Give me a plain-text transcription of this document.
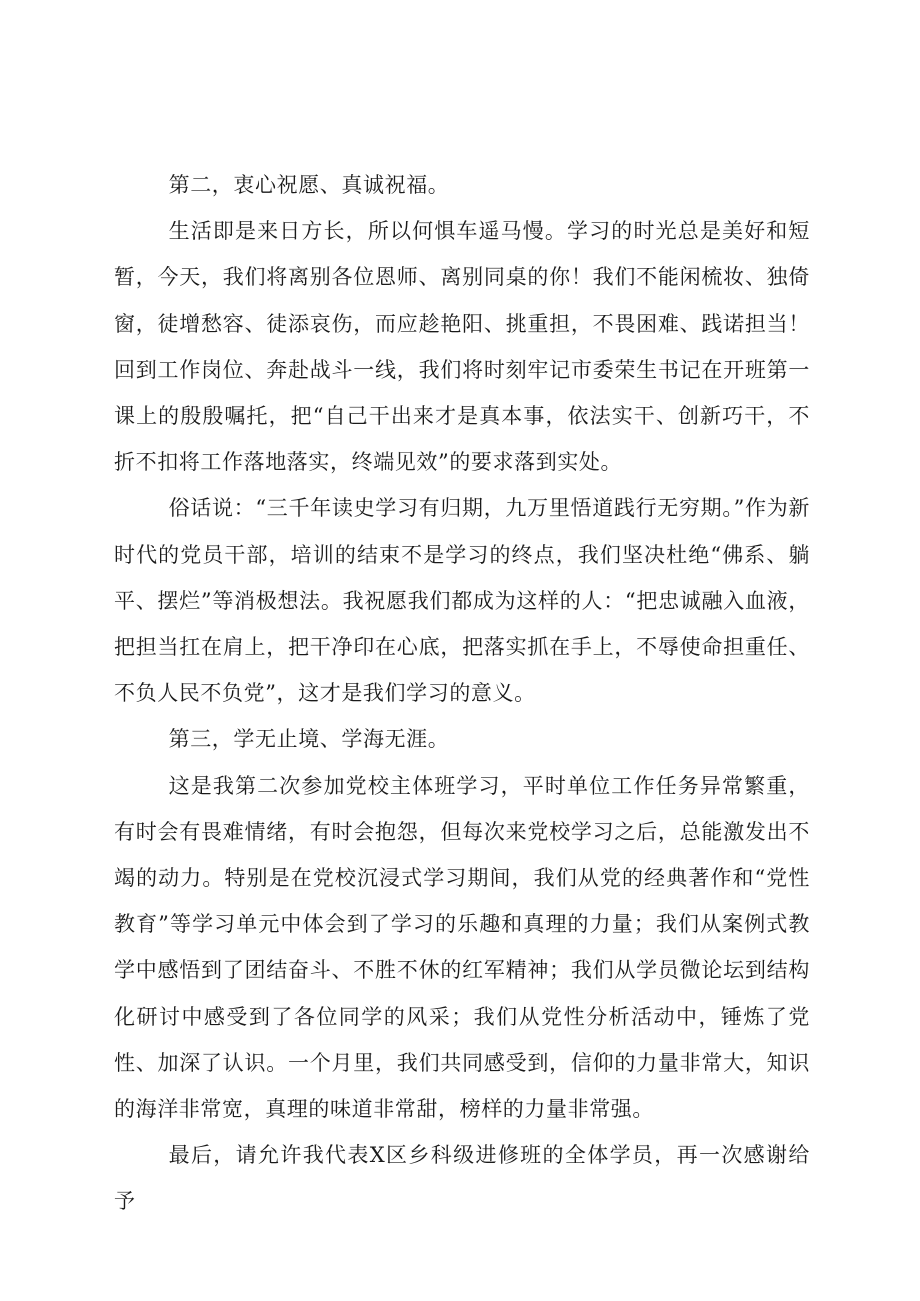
第二，衷心祝愿、真诚祝福。

生活即是来日方长，所以何惧车遥马慢。学习的时光总是美好和短暂，今天，我们将离别各位恩师、离别同桌的你！我们不能闲梳妆、独倚窗，徒增愁容、徒添哀伤，而应趁艳阳、挑重担，不畏困难、践诺担当！回到工作岗位、奔赴战斗一线，我们将时刻牢记市委荣生书记在开班第一课上的殷殷嘱托，把“自己干出来才是真本事，依法实干、创新巧干，不折不扣将工作落地落实，终端见效”的要求落到实处。

俗话说：“三千年读史学习有归期，九万里悟道践行无穷期。”作为新时代的党员干部，培训的结束不是学习的终点，我们坚决杜绝“佛系、躺平、摆烂”等消极想法。我祝愿我们都成为这样的人：“把忠诚融入血液，把担当扛在肩上，把干净印在心底，把落实抓在手上，不辱使命担重任、不负人民不负党”，这才是我们学习的意义。

第三，学无止境、学海无涯。

这是我第二次参加党校主体班学习，平时单位工作任务异常繁重，有时会有畏难情绪，有时会抱怨，但每次来党校学习之后，总能激发出不竭的动力。特别是在党校沉浸式学习期间，我们从党的经典著作和“党性教育”等学习单元中体会到了学习的乐趣和真理的力量；我们从案例式教学中感悟到了团结奋斗、不胜不休的红军精神；我们从学员微论坛到结构化研讨中感受到了各位同学的风采；我们从党性分析活动中，锤炼了党性、加深了认识。一个月里，我们共同感受到，信仰的力量非常大，知识的海洋非常宽，真理的味道非常甜，榜样的力量非常强。

最后，请允许我代表X区乡科级进修班的全体学员，再一次感谢给予
